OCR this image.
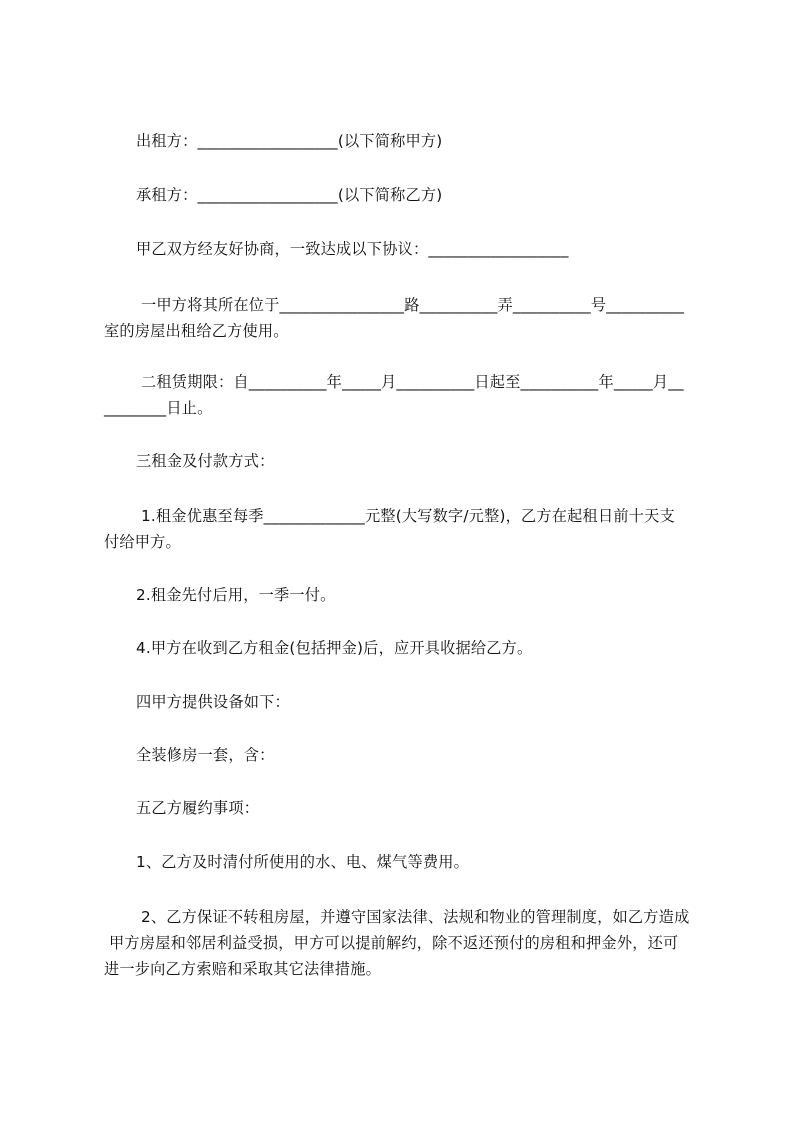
出租方：__________________(以下简称甲方)
承租方：__________________(以下简称乙方)
甲乙双方经友好协商，一致达成以下协议：__________________
一甲方将其所在位于________________路__________弄__________号__________
室的房屋出租给乙方使用。
二租赁期限：自__________年_____月__________日起至__________年_____月__
________日止。
三租金及付款方式：
1.租金优惠至每季_____________元整(大写数字/元整)，乙方在起租日前十天支
付给甲方。
2.租金先付后用，一季一付。
4.甲方在收到乙方租金(包括押金)后，应开具收据给乙方。
四甲方提供设备如下：
全装修房一套，含：
五乙方履约事项：
1、乙方及时清付所使用的水、电、煤气等费用。
2、乙方保证不转租房屋，并遵守国家法律、法规和物业的管理制度，如乙方造成
甲方房屋和邻居利益受损，甲方可以提前解约，除不返还预付的房租和押金外，还可
进一步向乙方索赔和采取其它法律措施。
